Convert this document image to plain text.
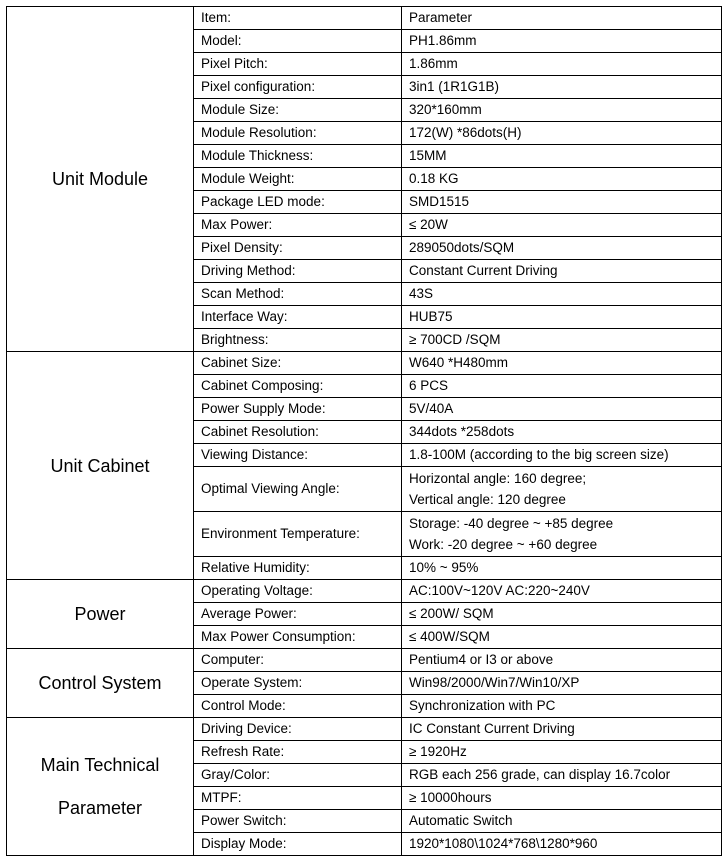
Unit Module	Item:	Parameter
	Model:	PH1.86mm
	Pixel Pitch:	1.86mm
	Pixel configuration:	3in1 (1R1G1B)
	Module Size:	320*160mm
	Module Resolution:	172(W) *86dots(H)
	Module Thickness:	15MM
	Module Weight:	0.18 KG
	Package LED mode:	SMD1515
	Max Power:	≤ 20W
	Pixel Density:	289050dots/SQM
	Driving Method:	Constant Current Driving
	Scan Method:	43S
	Interface Way:	HUB75
	Brightness:	≥ 700CD /SQM

Unit Cabinet	Cabinet Size:	W640 *H480mm
	Cabinet Composing:	6 PCS
	Power Supply Mode:	5V/40A
	Cabinet Resolution:	344dots *258dots
	Viewing Distance:	1.8-100M (according to the big screen size)
	Optimal Viewing Angle:	Horizontal angle: 160 degree;
Vertical angle: 120 degree

	Environment Temperature:	Storage: -40 degree ~ +85 degree
Work: -20 degree ~ +60 degree

	Relative Humidity:	10% ~ 95%

Power	Operating Voltage:	AC:100V~120V AC:220~240V
	Average Power:	≤ 200W/ SQM
	Max Power Consumption:	≤ 400W/SQM

Control System	Computer:	Pentium4 or I3 or above
	Operate System:	Win98/2000/Win7/Win10/XP
	Control Mode:	Synchronization with PC

Main Technical
Parameter	Driving Device:	IC Constant Current Driving
	Refresh Rate:	≥ 1920Hz
	Gray/Color:	RGB each 256 grade, can display 16.7color
	MTPF:	≥ 10000hours
	Power Switch:	Automatic Switch
	Display Mode:	1920*1080\1024*768\1280*960
